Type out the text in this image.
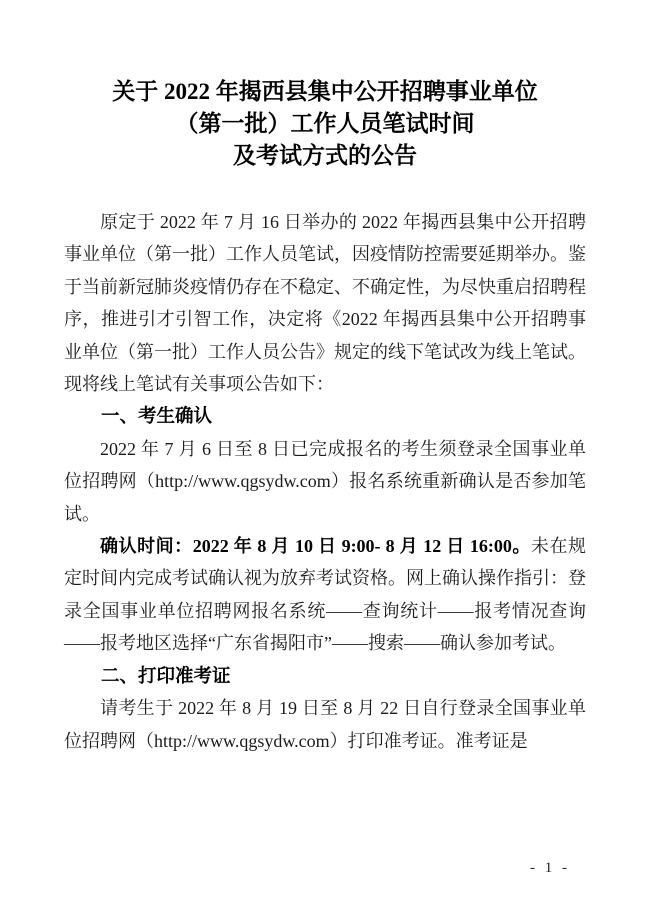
关于 2022 年揭西县集中公开招聘事业单位
（第一批）工作人员笔试时间
及考试方式的公告

原定于 2022 年 7 月 16 日举办的 2022 年揭西县集中公开招聘事业单位（第一批）工作人员笔试，因疫情防控需要延期举办。鉴于当前新冠肺炎疫情仍存在不稳定、不确定性，为尽快重启招聘程序，推进引才引智工作，决定将《2022 年揭西县集中公开招聘事业单位（第一批）工作人员公告》规定的线下笔试改为线上笔试。现将线上笔试有关事项公告如下：

一、考生确认

2022 年 7 月 6 日至 8 日已完成报名的考生须登录全国事业单位招聘网（http://www.qgsydw.com）报名系统重新确认是否参加笔试。

确认时间：2022 年 8 月 10 日 9:00- 8 月 12 日 16:00。未在规定时间内完成考试确认视为放弃考试资格。网上确认操作指引：登录全国事业单位招聘网报名系统——查询统计——报考情况查询——报考地区选择“广东省揭阳市”——搜索——确认参加考试。

二、打印准考证

请考生于 2022 年 8 月 19 日至 8 月 22 日自行登录全国事业单位招聘网（http://www.qgsydw.com）打印准考证。准考证是

- 1 -
